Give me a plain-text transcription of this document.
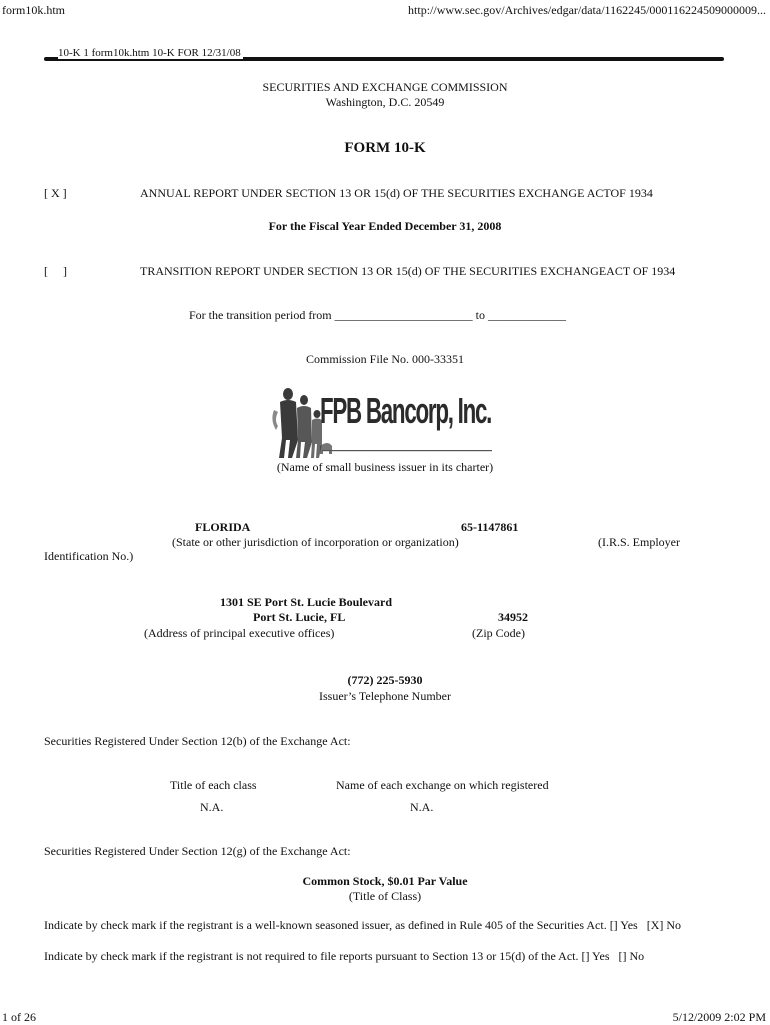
form10k.htm	http://www.sec.gov/Archives/edgar/data/1162245/000116224509000009...
10-K 1 form10k.htm 10-K FOR 12/31/08
SECURITIES AND EXCHANGE COMMISSION
Washington, D.C. 20549
FORM 10-K
[ X ]	ANNUAL REPORT UNDER SECTION 13 OR 15(d) OF THE SECURITIES EXCHANGE ACTOF 1934
For the Fiscal Year Ended December 31, 2008
[     ]	TRANSITION REPORT UNDER SECTION 13 OR 15(d) OF THE SECURITIES EXCHANGEACT OF 1934
For the transition period from _______________________ to _____________
Commission File No. 000-33351
FPB Bancorp, Inc.
(Name of small business issuer in its charter)
FLORIDA	65-1147861
(State or other jurisdiction of incorporation or organization)	(I.R.S. Employer
Identification No.)
1301 SE Port St. Lucie Boulevard
Port St. Lucie, FL	34952
(Address of principal executive offices)	(Zip Code)
(772) 225-5930
Issuer’s Telephone Number
Securities Registered Under Section 12(b) of the Exchange Act:
Title of each class	Name of each exchange on which registered
N.A.	N.A.
Securities Registered Under Section 12(g) of the Exchange Act:
Common Stock, $0.01 Par Value
(Title of Class)
Indicate by check mark if the registrant is a well-known seasoned issuer, as defined in Rule 405 of the Securities Act. [] Yes   [X] No
Indicate by check mark if the registrant is not required to file reports pursuant to Section 13 or 15(d) of the Act. [] Yes   [] No
1 of 26	5/12/2009 2:02 PM
